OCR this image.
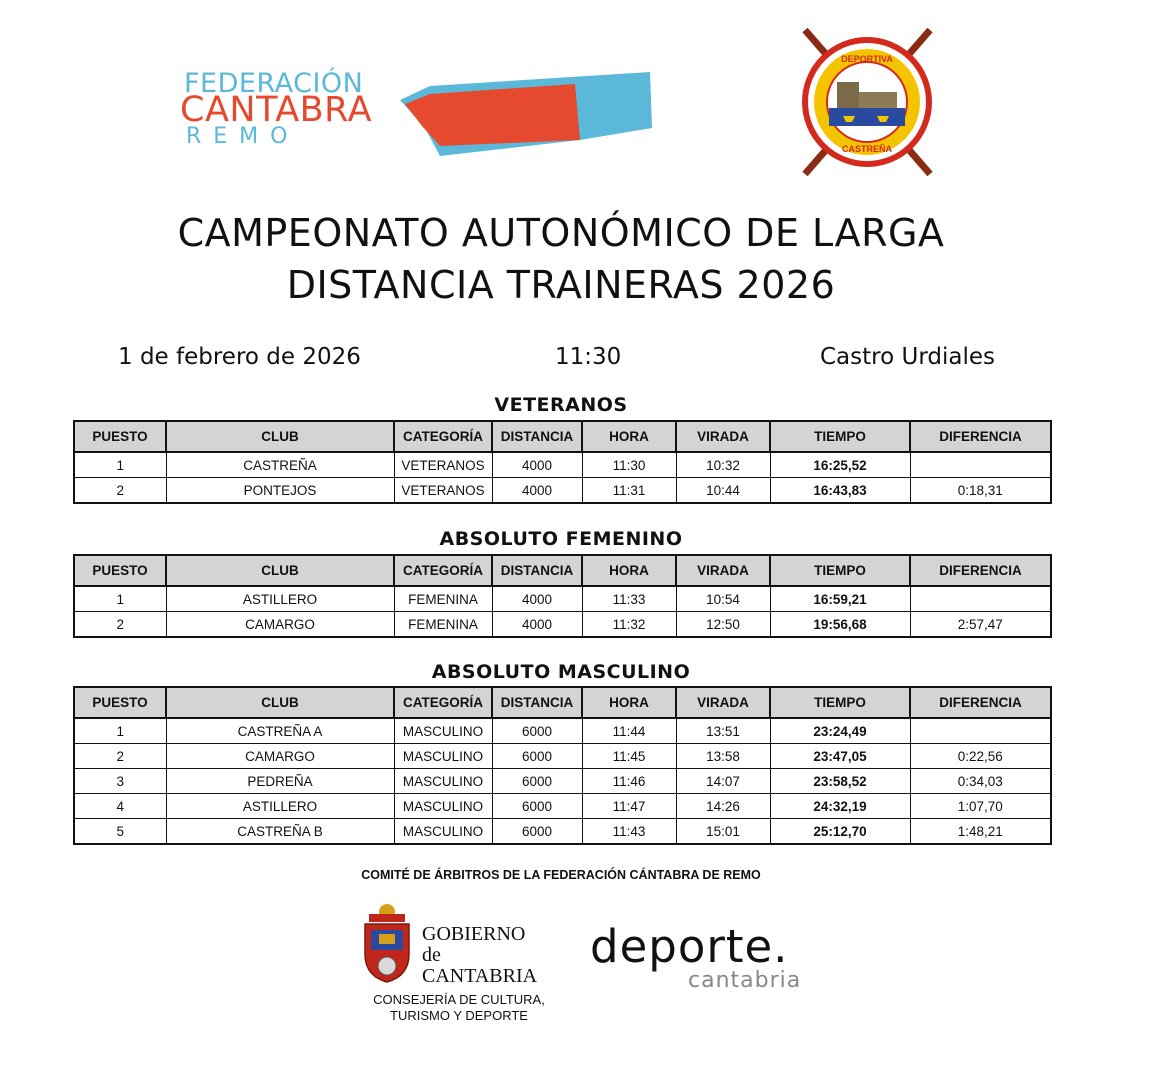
FEDERACIÓN
CANTABRA
REMO
DEPORTIVA
CASTREÑA
CAMPEONATO AUTONÓMICO DE LARGA
DISTANCIA TRAINERAS 2026
1 de febrero de 2026	11:30	Castro Urdiales
VETERANOS
PUESTO	CLUB	CATEGORÍA	DISTANCIA	HORA	VIRADA	TIEMPO	DIFERENCIA
1	CASTREÑA	VETERANOS	4000	11:30	10:32	16:25,52	
2	PONTEJOS	VETERANOS	4000	11:31	10:44	16:43,83	0:18,31
ABSOLUTO FEMENINO
PUESTO	CLUB	CATEGORÍA	DISTANCIA	HORA	VIRADA	TIEMPO	DIFERENCIA
1	ASTILLERO	FEMENINA	4000	11:33	10:54	16:59,21	
2	CAMARGO	FEMENINA	4000	11:32	12:50	19:56,68	2:57,47
ABSOLUTO MASCULINO
PUESTO	CLUB	CATEGORÍA	DISTANCIA	HORA	VIRADA	TIEMPO	DIFERENCIA
1	CASTREÑA A	MASCULINO	6000	11:44	13:51	23:24,49	
2	CAMARGO	MASCULINO	6000	11:45	13:58	23:47,05	0:22,56
3	PEDREÑA	MASCULINO	6000	11:46	14:07	23:58,52	0:34,03
4	ASTILLERO	MASCULINO	6000	11:47	14:26	24:32,19	1:07,70
5	CASTREÑA B	MASCULINO	6000	11:43	15:01	25:12,70	1:48,21
COMITÉ DE ÁRBITROS DE LA FEDERACIÓN CÁNTABRA DE REMO
GOBIERNO
de
CANTABRIA
CONSEJERÍA DE CULTURA,
TURISMO Y DEPORTE
deporte.
cantabria
